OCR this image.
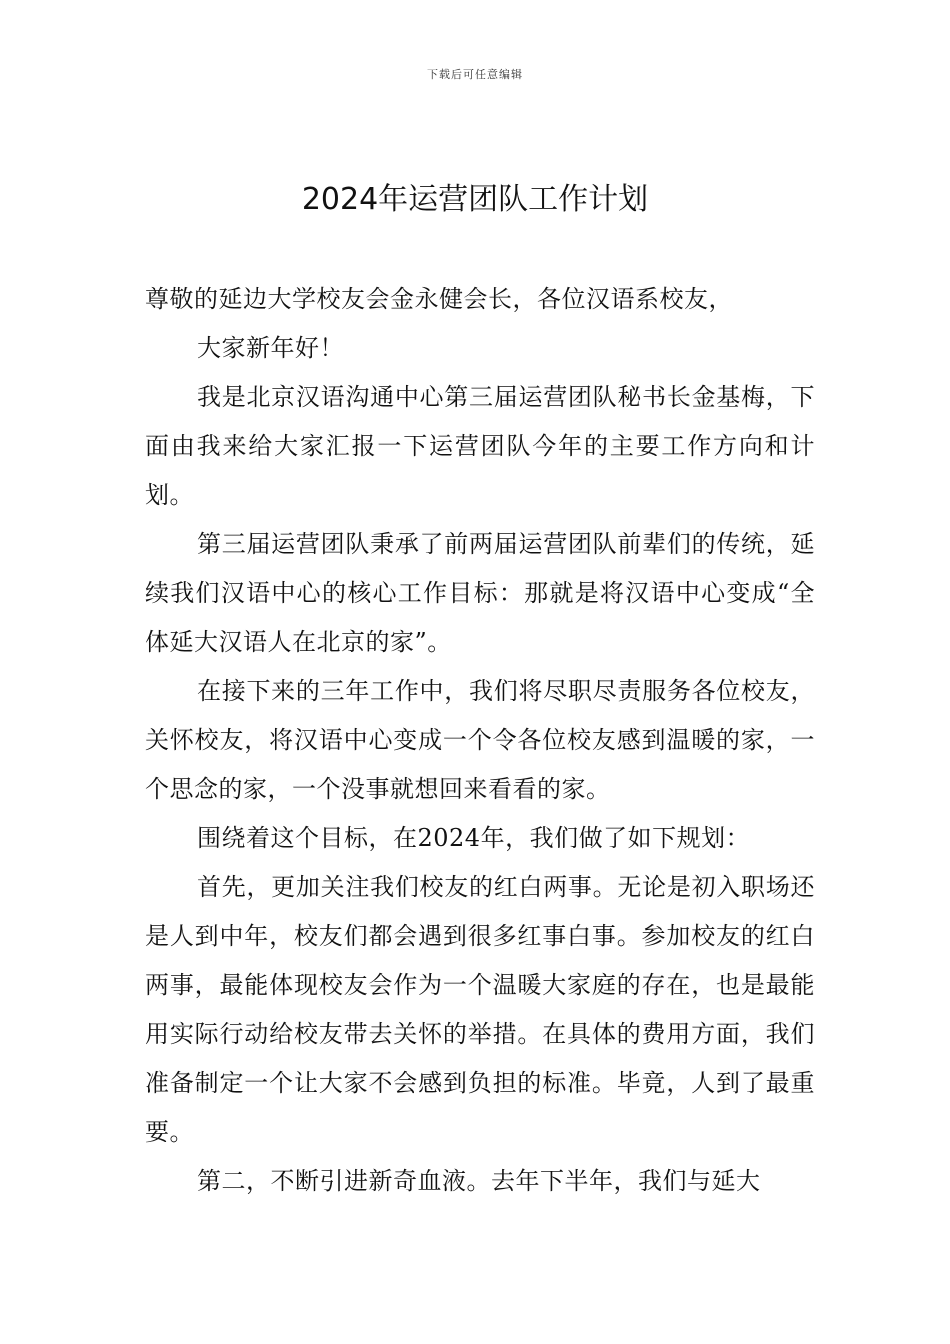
下载后可任意编辑
2024年运营团队工作计划

尊敬的延边大学校友会金永健会长，各位汉语系校友，

大家新年好！

我是北京汉语沟通中心第三届运营团队秘书长金基梅，下面由我来给大家汇报一下运营团队今年的主要工作方向和计划。

第三届运营团队秉承了前两届运营团队前辈们的传统，延续我们汉语中心的核心工作目标：那就是将汉语中心变成“全体延大汉语人在北京的家”。

在接下来的三年工作中，我们将尽职尽责服务各位校友，关怀校友，将汉语中心变成一个令各位校友感到温暖的家，一个思念的家，一个没事就想回来看看的家。

围绕着这个目标，在2024年，我们做了如下规划：

首先，更加关注我们校友的红白两事。无论是初入职场还是人到中年，校友们都会遇到很多红事白事。参加校友的红白两事，最能体现校友会作为一个温暖大家庭的存在，也是最能用实际行动给校友带去关怀的举措。在具体的费用方面，我们准备制定一个让大家不会感到负担的标准。毕竟，人到了最重要。

第二，不断引进新奇血液。去年下半年，我们与延大
